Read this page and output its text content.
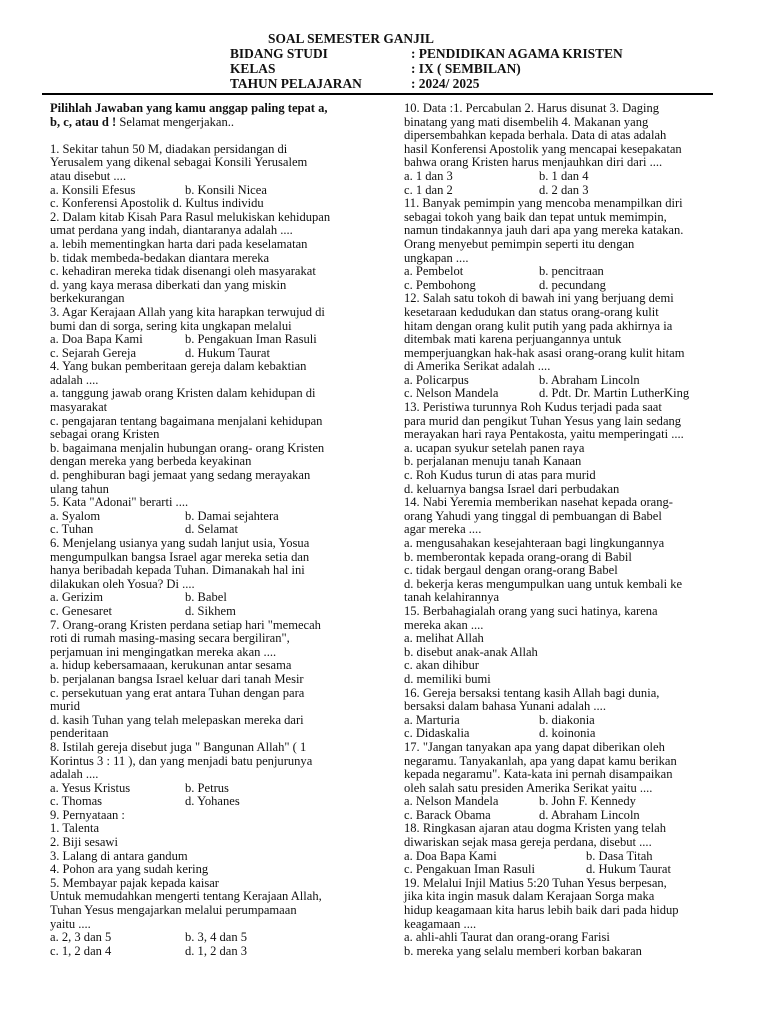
SOAL SEMESTER GANJIL
BIDANG STUDI	: PENDIDIKAN AGAMA KRISTEN
KELAS	: IX ( SEMBILAN)
TAHUN PELAJARAN	: 2024/ 2025
Pilihlah Jawaban yang kamu anggap paling tepat a,
b, c, atau d ! Selamat mengerjakan..
1. Sekitar tahun 50 M, diadakan persidangan di
Yerusalem yang dikenal sebagai Konsili Yerusalem
atau disebut ....
a. Konsili Efesus	b. Konsili Nicea
c. Konferensi Apostolik d. Kultus individu
2. Dalam kitab Kisah Para Rasul melukiskan kehidupan
umat perdana yang indah, diantaranya adalah ....
a. lebih mementingkan harta dari pada keselamatan
b. tidak membeda-bedakan diantara mereka
c. kehadiran mereka tidak disenangi oleh masyarakat
d. yang kaya merasa diberkati dan yang miskin
berkekurangan
3. Agar Kerajaan Allah yang kita harapkan terwujud di
bumi dan di sorga, sering kita ungkapan melalui
a. Doa Bapa Kami	b. Pengakuan Iman Rasuli
c. Sejarah Gereja	d. Hukum Taurat
4. Yang bukan pemberitaan gereja dalam kebaktian
adalah ....
a. tanggung jawab orang Kristen dalam kehidupan di
masyarakat
c. pengajaran tentang bagaimana menjalani kehidupan
sebagai orang Kristen
b. bagaimana menjalin hubungan orang- orang Kristen
dengan mereka yang berbeda keyakinan
d. penghiburan bagi jemaat yang sedang merayakan
ulang tahun
5. Kata "Adonai" berarti ....
a. Syalom	b. Damai sejahtera
c. Tuhan	d. Selamat
6. Menjelang usianya yang sudah lanjut usia, Yosua
mengumpulkan bangsa Israel agar mereka setia dan
hanya beribadah kepada Tuhan. Dimanakah hal ini
dilakukan oleh Yosua? Di ....
a. Gerizim	b. Babel
c. Genesaret	d. Sikhem
7. Orang-orang Kristen perdana setiap hari "memecah
roti di rumah masing-masing secara bergiliran",
perjamuan ini mengingatkan mereka akan ....
a. hidup kebersamaaan, kerukunan antar sesama
b. perjalanan bangsa Israel keluar dari tanah Mesir
c. persekutuan yang erat antara Tuhan dengan para
murid
d. kasih Tuhan yang telah melepaskan mereka dari
penderitaan
8. Istilah gereja disebut juga " Bangunan Allah" ( 1
Korintus 3 : 11 ), dan yang menjadi batu penjurunya
adalah ....
a. Yesus Kristus	b. Petrus
c. Thomas	d. Yohanes
9. Pernyataan :
1. Talenta
2. Biji sesawi
3. Lalang di antara gandum
4. Pohon ara yang sudah kering
5. Membayar pajak kepada kaisar
Untuk memudahkan mengerti tentang Kerajaan Allah,
Tuhan Yesus mengajarkan melalui perumpamaan
yaitu ....
a. 2, 3 dan 5	b. 3, 4 dan 5
c. 1, 2 dan 4	d. 1, 2 dan 3
10. Data :1. Percabulan 2. Harus disunat 3. Daging
binatang yang mati disembelih 4. Makanan yang
dipersembahkan kepada berhala. Data di atas adalah
hasil Konferensi Apostolik yang mencapai kesepakatan
bahwa orang Kristen harus menjauhkan diri dari ....
a. 1 dan 3	b. 1 dan 4
c. 1 dan 2	d. 2 dan 3
11. Banyak pemimpin yang mencoba menampilkan diri
sebagai tokoh yang baik dan tepat untuk memimpin,
namun tindakannya jauh dari apa yang mereka katakan.
Orang menyebut pemimpin seperti itu dengan
ungkapan ....
a. Pembelot	b. pencitraan
c. Pembohong	d. pecundang
12. Salah satu tokoh di bawah ini yang berjuang demi
kesetaraan kedudukan dan status orang-orang kulit
hitam dengan orang kulit putih yang pada akhirnya ia
ditembak mati karena perjuangannya untuk
memperjuangkan hak-hak asasi orang-orang kulit hitam
di Amerika Serikat adalah ....
a. Policarpus	b. Abraham Lincoln
c. Nelson Mandela	d. Pdt. Dr. Martin LutherKing
13. Peristiwa turunnya Roh Kudus terjadi pada saat
para murid dan pengikut Tuhan Yesus yang lain sedang
merayakan hari raya Pentakosta, yaitu memperingati ....
a. ucapan syukur setelah panen raya
b. perjalanan menuju tanah Kanaan
c. Roh Kudus turun di atas para murid
d. keluarnya bangsa Israel dari perbudakan
14. Nabi Yeremia memberikan nasehat kepada orang-
orang Yahudi yang tinggal di pembuangan di Babel
agar mereka ....
a. mengusahakan kesejahteraan bagi lingkungannya
b. memberontak kepada orang-orang di Babil
c. tidak bergaul dengan orang-orang Babel
d. bekerja keras mengumpulkan uang untuk kembali ke
tanah kelahirannya
15. Berbahagialah orang yang suci hatinya, karena
mereka akan ....
a. melihat Allah
b. disebut anak-anak Allah
c. akan dihibur
d. memiliki bumi
16. Gereja bersaksi tentang kasih Allah bagi dunia,
bersaksi dalam bahasa Yunani adalah ....
a. Marturia	b. diakonia
c. Didaskalia	d. koinonia
17. "Jangan tanyakan apa yang dapat diberikan oleh
negaramu. Tanyakanlah, apa yang dapat kamu berikan
kepada negaramu". Kata-kata ini pernah disampaikan
oleh salah satu presiden Amerika Serikat yaitu ....
a. Nelson Mandela	b. John F. Kennedy
c. Barack Obama	d. Abraham Lincoln
18. Ringkasan ajaran atau dogma Kristen yang telah
diwariskan sejak masa gereja perdana, disebut ....
a. Doa Bapa Kami	b. Dasa Titah
c. Pengakuan Iman Rasuli	d. Hukum Taurat
19. Melalui Injil Matius 5:20 Tuhan Yesus berpesan,
jika kita ingin masuk dalam Kerajaan Sorga maka
hidup keagamaan kita harus lebih baik dari pada hidup
keagamaan ....
a. ahli-ahli Taurat dan orang-orang Farisi
b. mereka yang selalu memberi korban bakaran
